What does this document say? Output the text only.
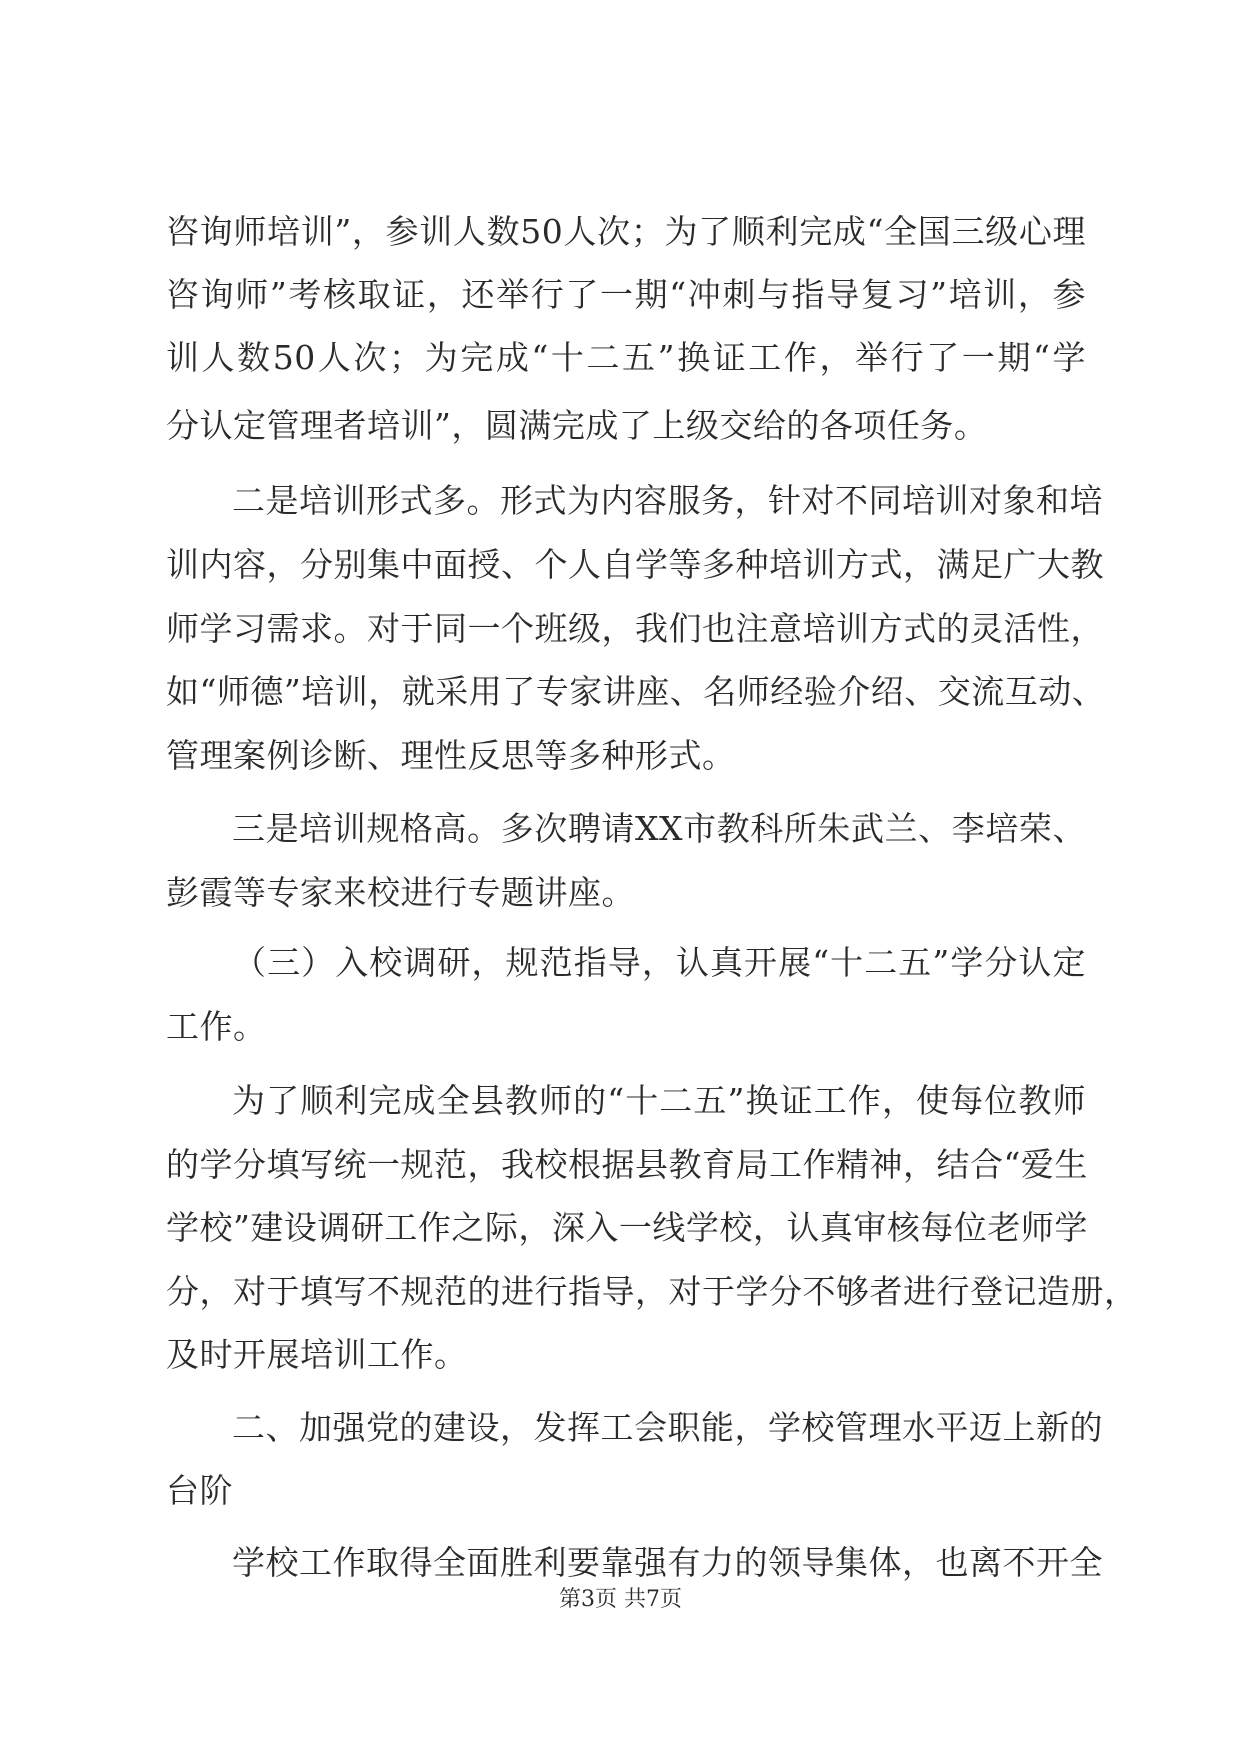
咨询师培训”，参训人数50人次；为了顺利完成“全国三级心理
咨询师”考核取证，还举行了一期“冲刺与指导复习”培训，参
训人数50人次；为完成“十二五”换证工作，举行了一期“学
分认定管理者培训”，圆满完成了上级交给的各项任务。
二是培训形式多。形式为内容服务，针对不同培训对象和培
训内容，分别集中面授、个人自学等多种培训方式，满足广大教
师学习需求。对于同一个班级，我们也注意培训方式的灵活性，
如“师德”培训，就采用了专家讲座、名师经验介绍、交流互动、
管理案例诊断、理性反思等多种形式。
三是培训规格高。多次聘请XX市教科所朱武兰、李培荣、
彭霞等专家来校进行专题讲座。
（三）入校调研，规范指导，认真开展“十二五”学分认定
工作。
为了顺利完成全县教师的“十二五”换证工作，使每位教师
的学分填写统一规范，我校根据县教育局工作精神，结合“爱生
学校”建设调研工作之际，深入一线学校，认真审核每位老师学
分，对于填写不规范的进行指导，对于学分不够者进行登记造册，
及时开展培训工作。
二、加强党的建设，发挥工会职能，学校管理水平迈上新的
台阶
学校工作取得全面胜利要靠强有力的领导集体，也离不开全
第3页 共7页
